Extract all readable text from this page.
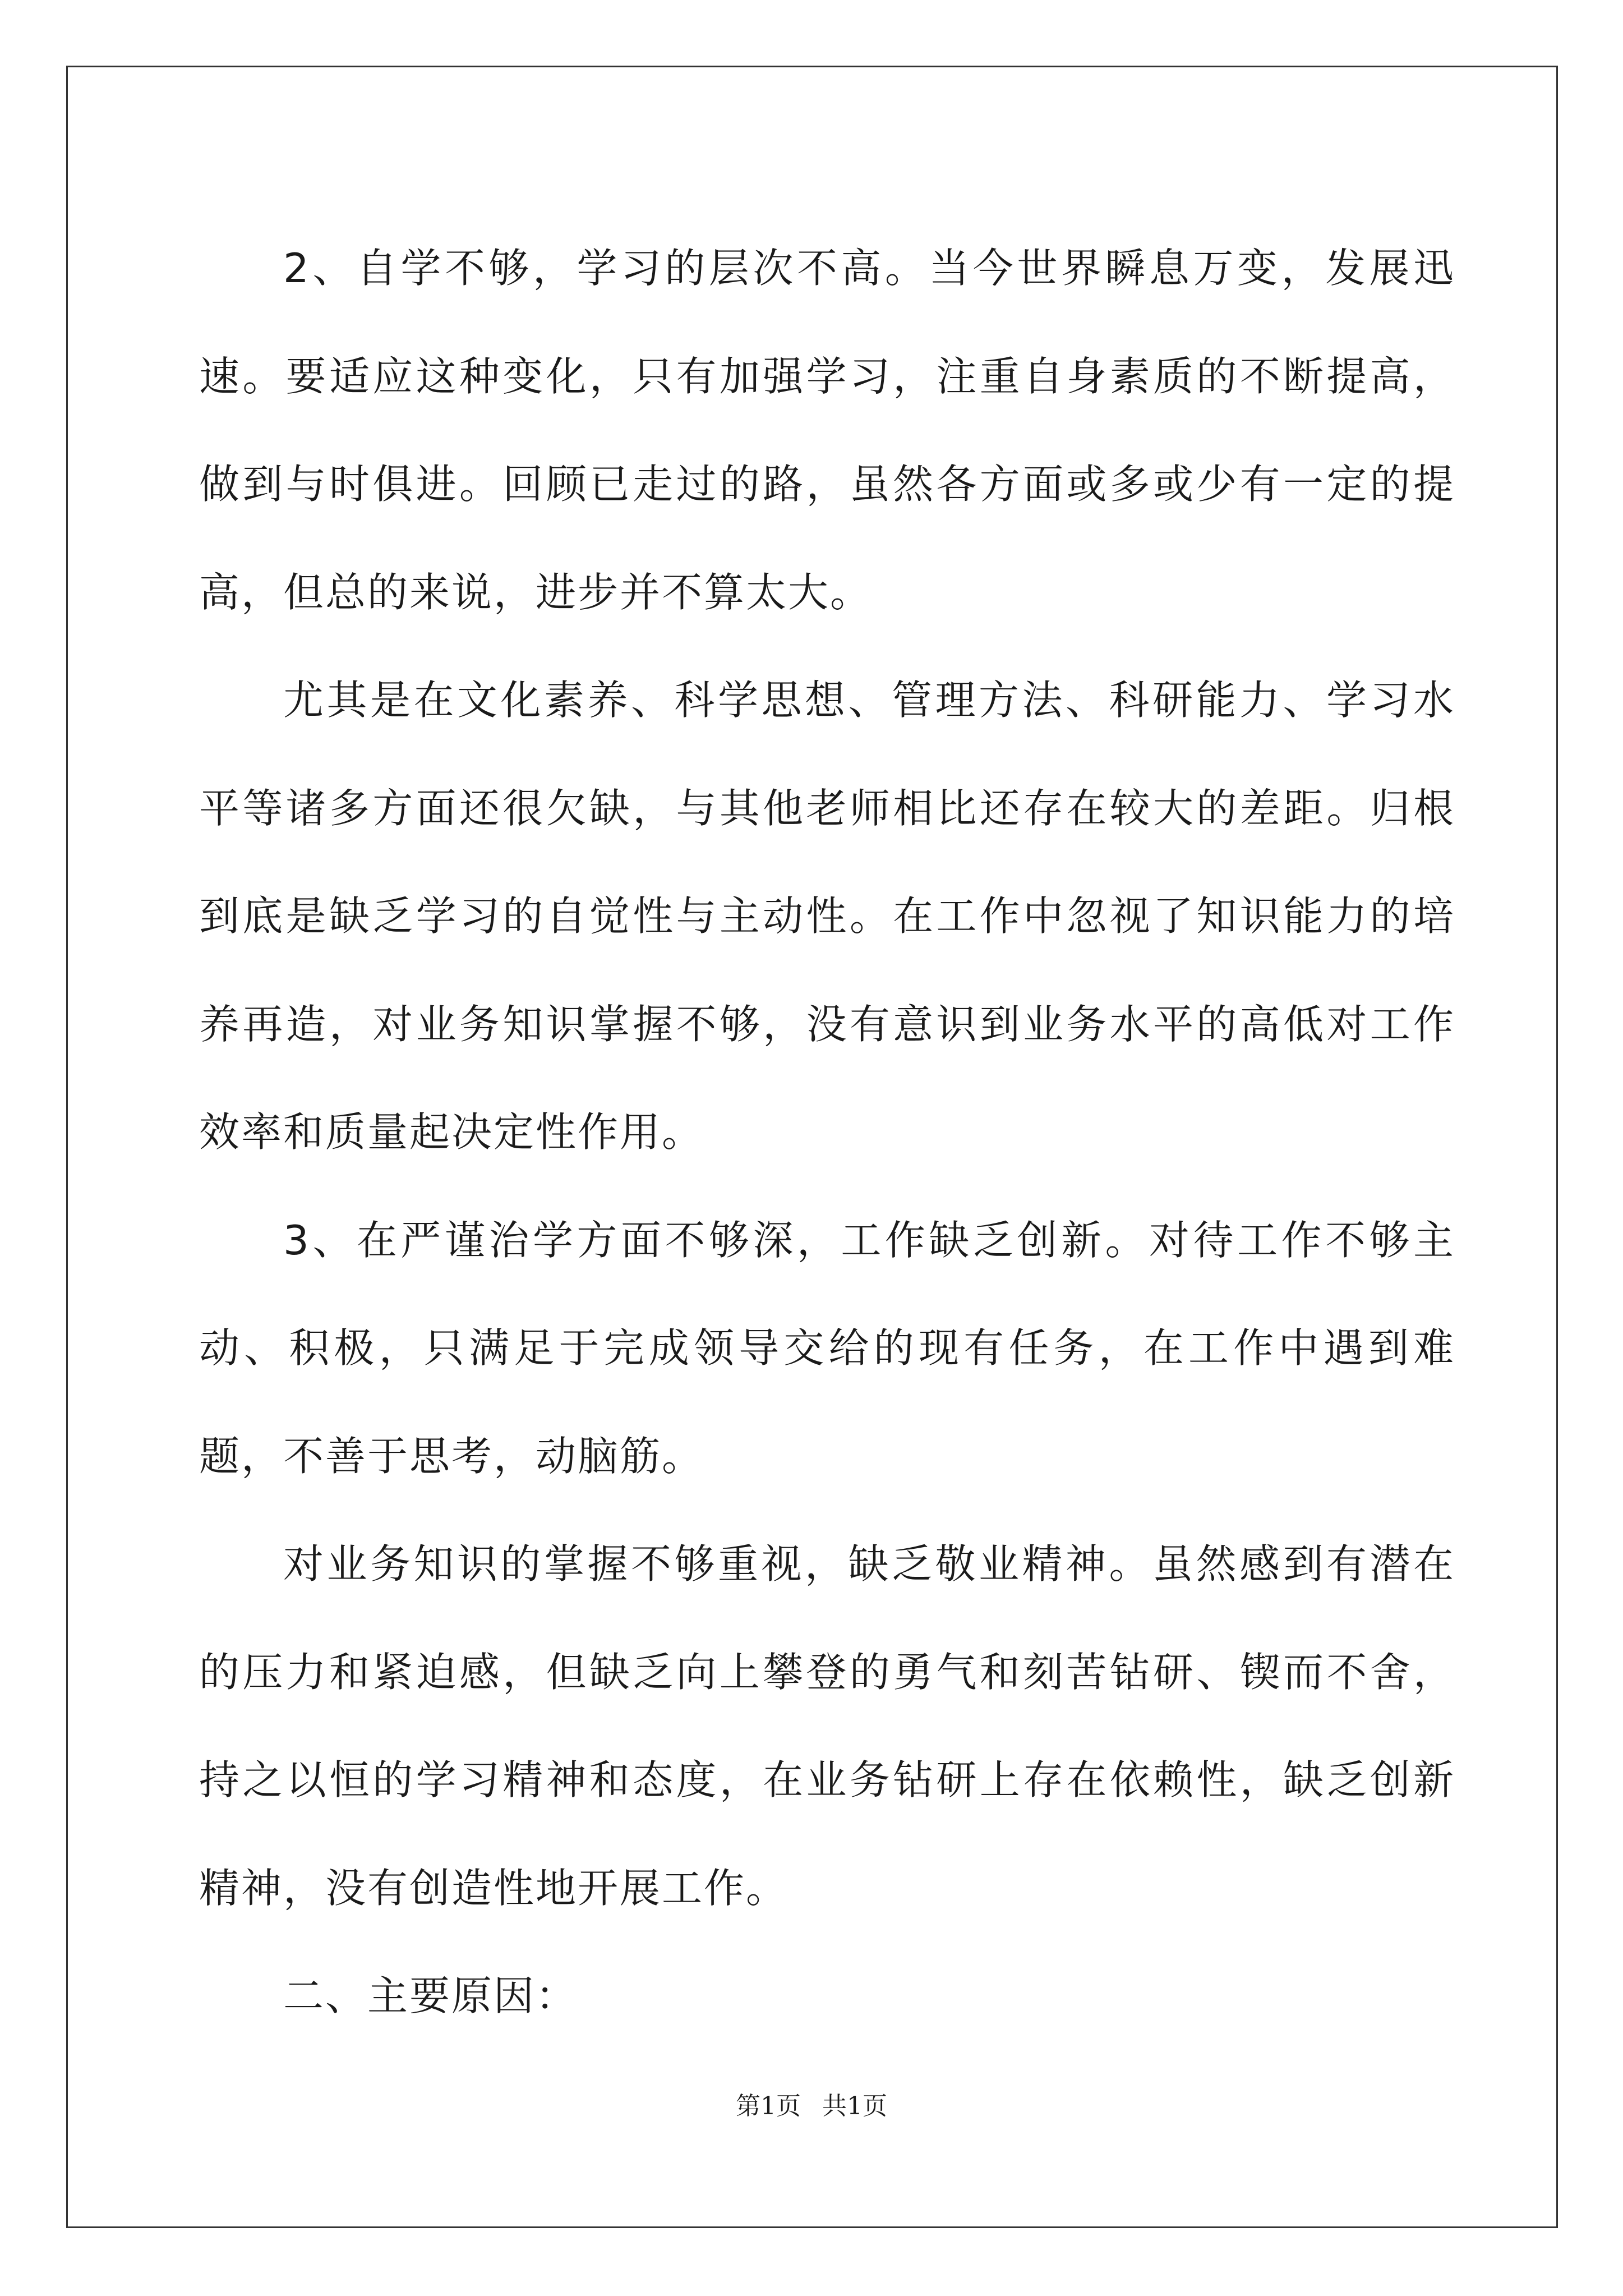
2、自学不够，学习的层次不高。当今世界瞬息万变，发展迅速。要适应这种变化，只有加强学习，注重自身素质的不断提高，做到与时俱进。回顾已走过的路，虽然各方面或多或少有一定的提高，但总的来说，进步并不算太大。

尤其是在文化素养、科学思想、管理方法、科研能力、学习水平等诸多方面还很欠缺，与其他老师相比还存在较大的差距。归根到底是缺乏学习的自觉性与主动性。在工作中忽视了知识能力的培养再造，对业务知识掌握不够，没有意识到业务水平的高低对工作效率和质量起决定性作用。

3、在严谨治学方面不够深，工作缺乏创新。对待工作不够主动、积极，只满足于完成领导交给的现有任务，在工作中遇到难题，不善于思考，动脑筋。

对业务知识的掌握不够重视，缺乏敬业精神。虽然感到有潜在的压力和紧迫感，但缺乏向上攀登的勇气和刻苦钻研、锲而不舍，持之以恒的学习精神和态度，在业务钻研上存在依赖性，缺乏创新精神，没有创造性地开展工作。

二、主要原因：

第1页 共1页
